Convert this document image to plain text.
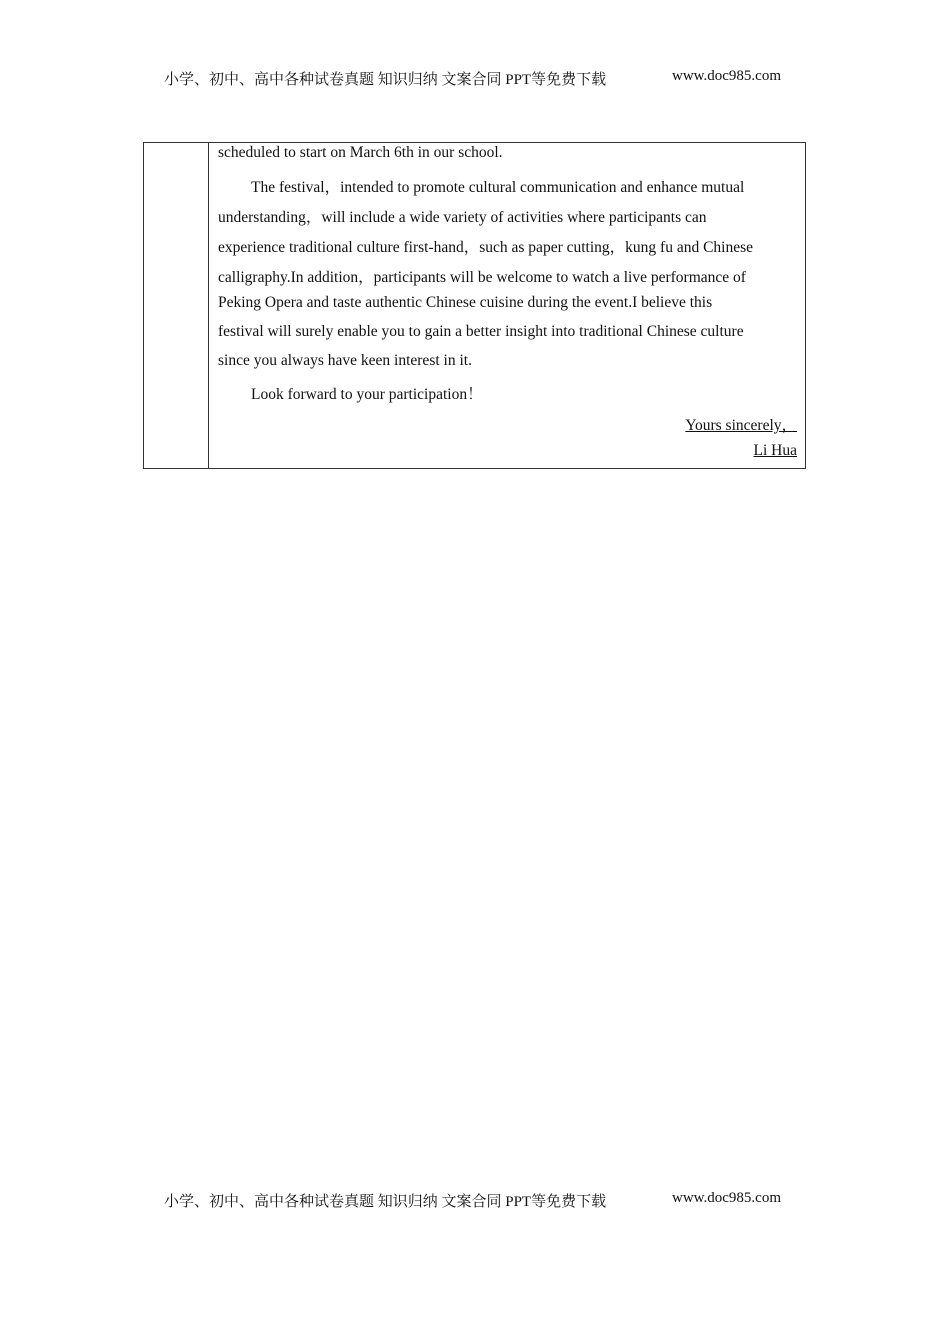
小学、初中、高中各种试卷真题 知识归纳 文案合同 PPT等免费下载	www.doc985.com
scheduled to start on March 6th in our school.
The festival，intended to promote cultural communication and enhance mutual
understanding，will include a wide variety of activities where participants can
experience traditional culture first-hand，such as paper cutting，kung fu and Chinese
calligraphy.In addition，participants will be welcome to watch a live performance of
Peking Opera and taste authentic Chinese cuisine during the event.I believe this
festival will surely enable you to gain a better insight into traditional Chinese culture
since you always have keen interest in it.
Look forward to your participation！
Yours sincerely，
Li Hua
小学、初中、高中各种试卷真题 知识归纳 文案合同 PPT等免费下载	www.doc985.com
